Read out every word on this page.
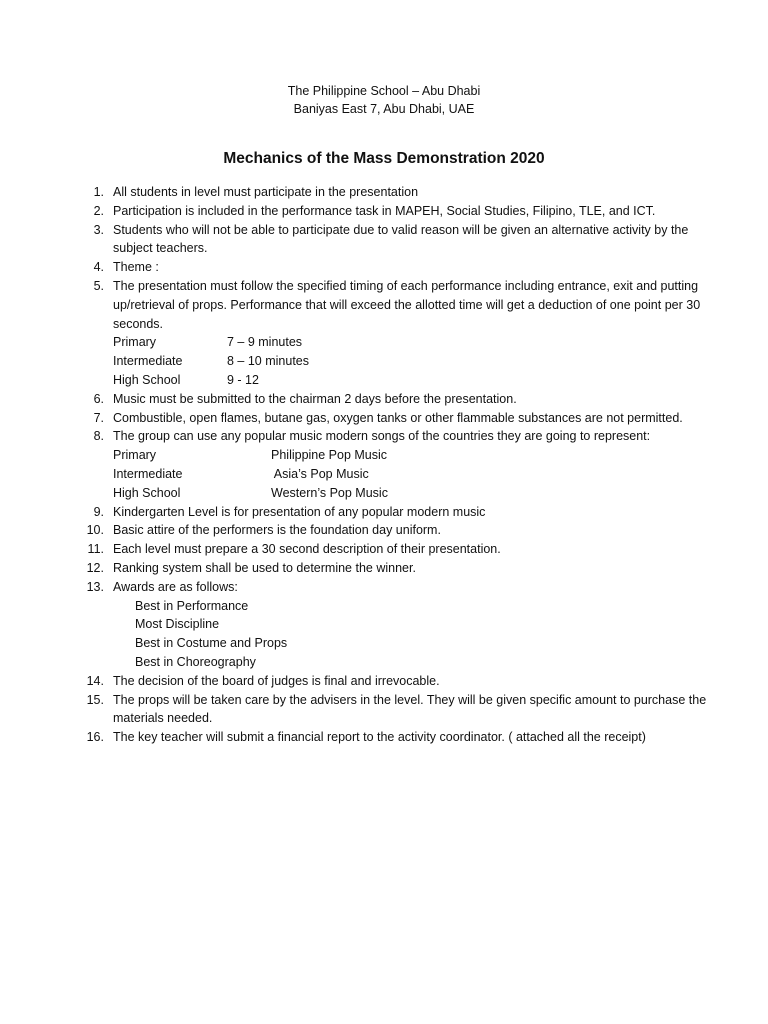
The Philippine School – Abu Dhabi
Baniyas East 7, Abu Dhabi, UAE
Mechanics of the Mass Demonstration 2020
1. All students in level must participate in the presentation
2. Participation is included in the performance task in MAPEH, Social Studies, Filipino, TLE, and ICT.
3. Students who will not be able to participate due to valid reason will be given an alternative activity by the subject teachers.
4. Theme :
5. The presentation must follow the specified timing of each performance including entrance, exit and putting up/retrieval of props. Performance that will exceed the allotted time will get a deduction of one point per 30 seconds.
Primary	7 – 9 minutes
Intermediate	8 – 10 minutes
High School	9 - 12
6. Music must be submitted to the chairman 2 days before the presentation.
7. Combustible, open flames, butane gas, oxygen tanks or other flammable substances are not permitted.
8. The group can use any popular music modern songs of the countries they are going to represent:
Primary	Philippine Pop Music
Intermediate	Asia’s Pop Music
High School	Western’s Pop Music
9. Kindergarten Level is for presentation of any popular modern music
10. Basic attire of the performers is the foundation day uniform.
11. Each level must prepare a 30 second description of their presentation.
12. Ranking system shall be used to determine the winner.
13. Awards are as follows:
Best in Performance
Most Discipline
Best in Costume and Props
Best in Choreography
14. The decision of the board of judges is final and irrevocable.
15. The props will be taken care by the advisers in the level. They will be given specific amount to purchase the materials needed.
16. The key teacher will submit a financial report to the activity coordinator. ( attached all the receipt)
